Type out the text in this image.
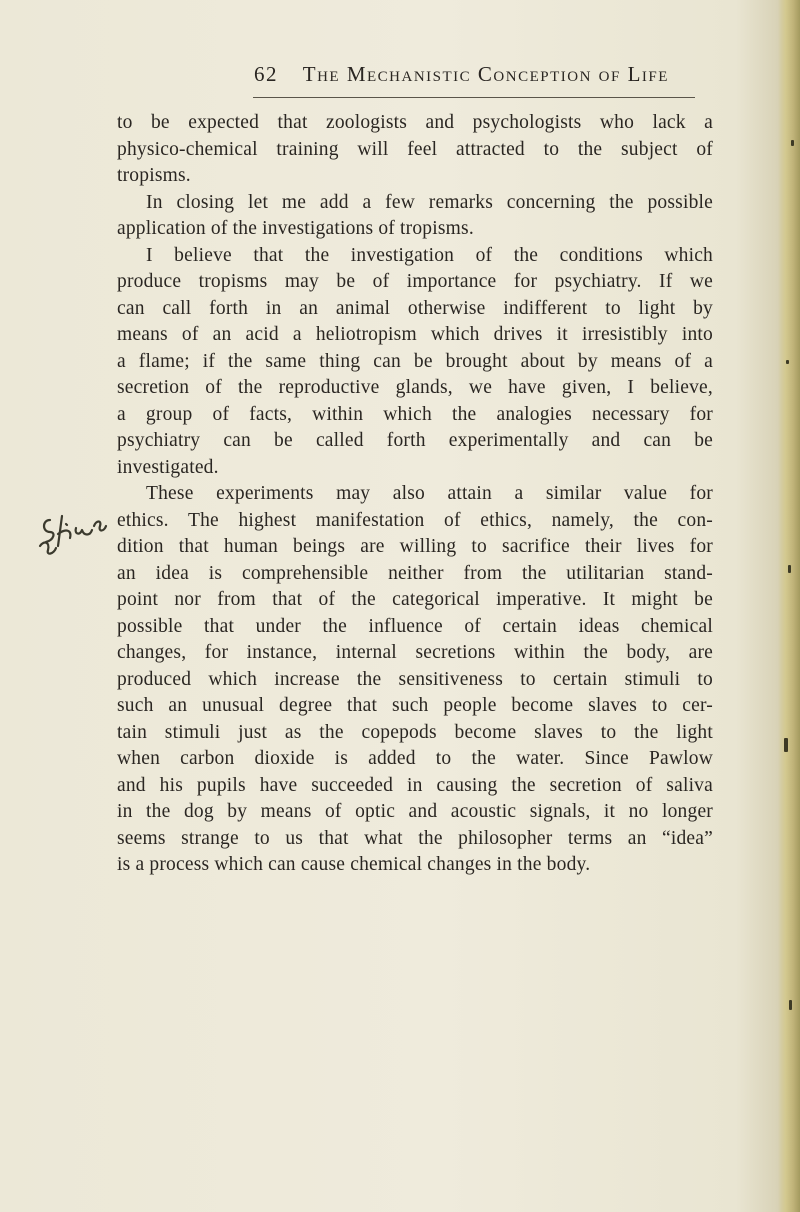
62 The Mechanistic Conception of Life
to be expected that zoologists and psychologists who lack a
physico-chemical training will feel attracted to the subject of
tropisms.
In closing let me add a few remarks concerning the possible
application of the investigations of tropisms.
I believe that the investigation of the conditions which
produce tropisms may be of importance for psychiatry. If we
can call forth in an animal otherwise indifferent to light by
means of an acid a heliotropism which drives it irresistibly into
a flame; if the same thing can be brought about by means of a
secretion of the reproductive glands, we have given, I believe,
a group of facts, within which the analogies necessary for
psychiatry can be called forth experimentally and can be
investigated.
These experiments may also attain a similar value for
ethics. The highest manifestation of ethics, namely, the con-
dition that human beings are willing to sacrifice their lives for
an idea is comprehensible neither from the utilitarian stand-
point nor from that of the categorical imperative. It might be
possible that under the influence of certain ideas chemical
changes, for instance, internal secretions within the body, are
produced which increase the sensitiveness to certain stimuli to
such an unusual degree that such people become slaves to cer-
tain stimuli just as the copepods become slaves to the light
when carbon dioxide is added to the water. Since Pawlow
and his pupils have succeeded in causing the secretion of saliva
in the dog by means of optic and acoustic signals, it no longer
seems strange to us that what the philosopher terms an “idea”
is a process which can cause chemical changes in the body.
